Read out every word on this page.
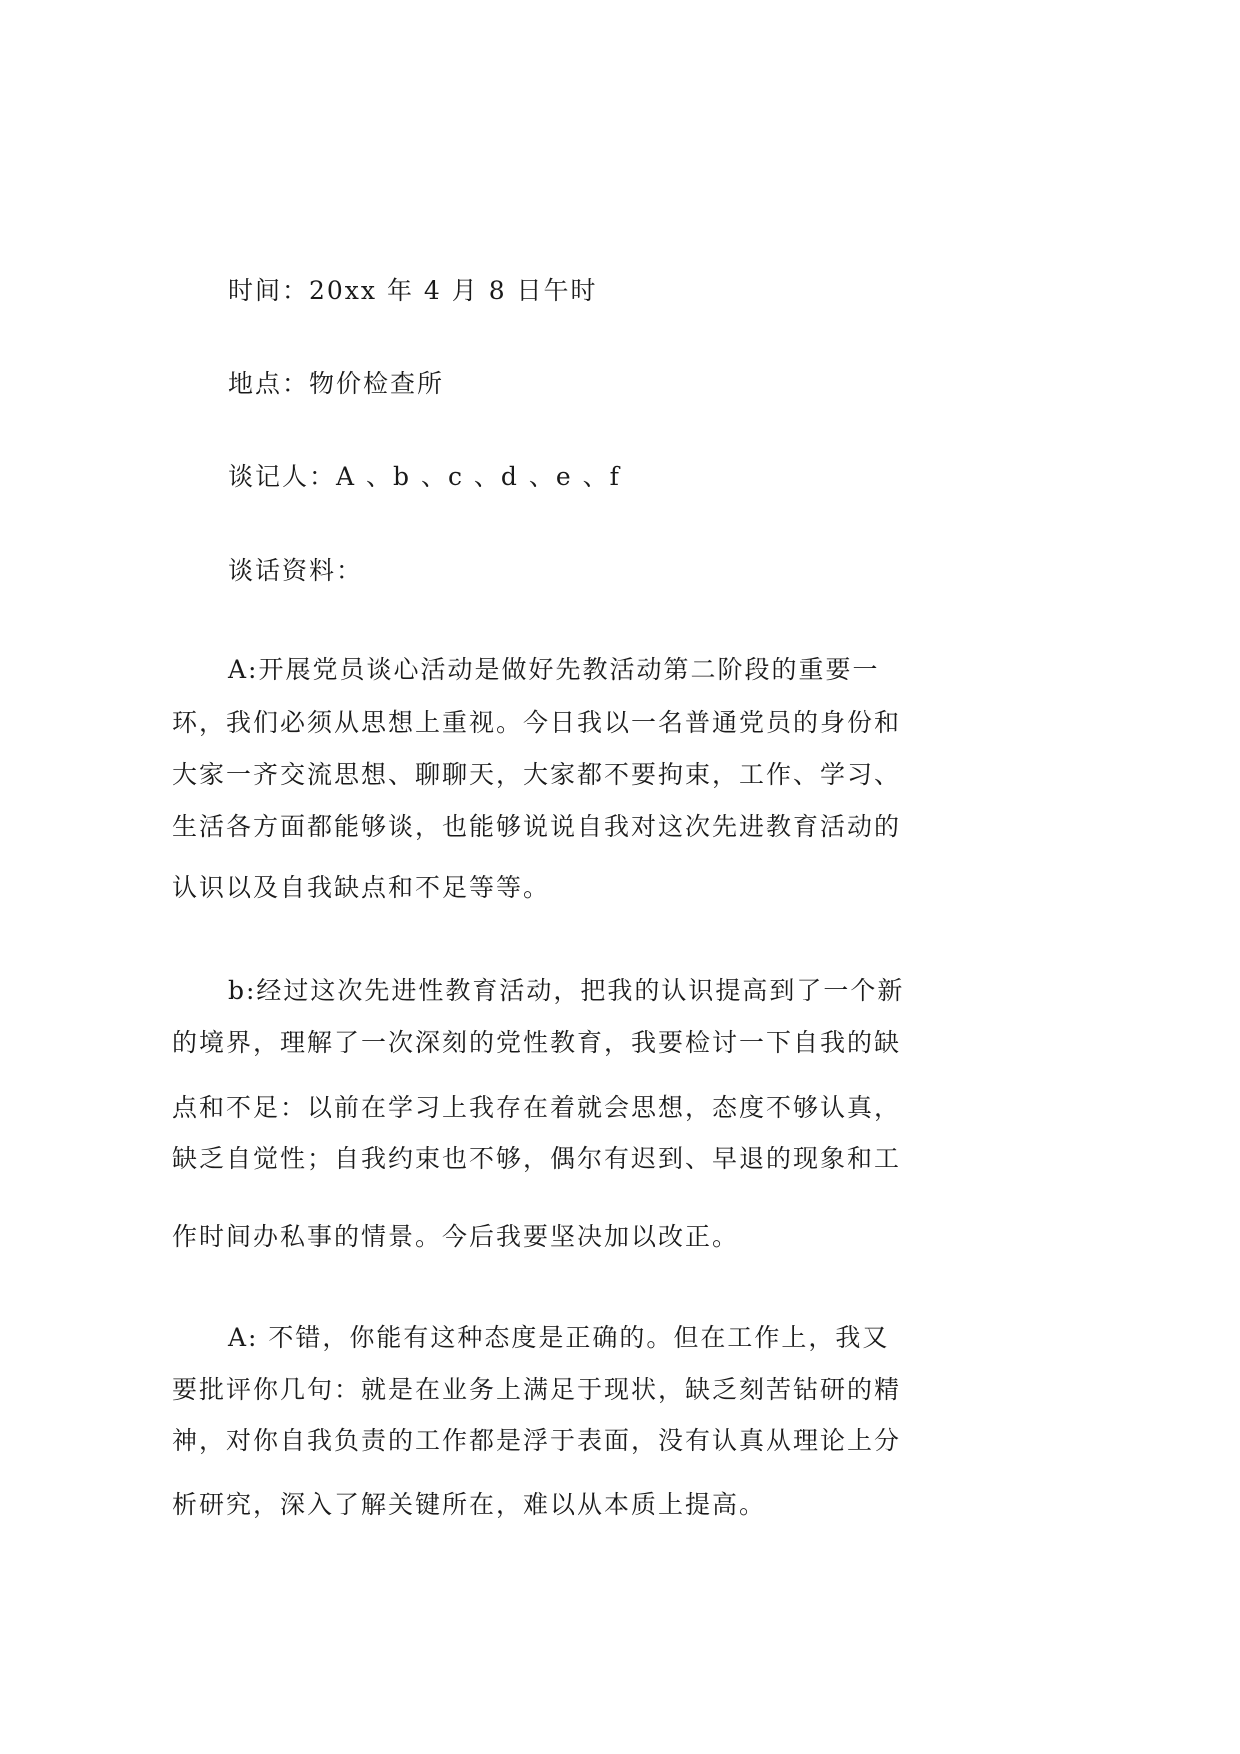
时间：20xx 年 4 月 8 日午时
地点：物价检查所
谈记人：A 、b 、c 、d 、e 、f
谈话资料：
A:开展党员谈心活动是做好先教活动第二阶段的重要一
环，我们必须从思想上重视。今日我以一名普通党员的身份和
大家一齐交流思想、聊聊天，大家都不要拘束，工作、学习、
生活各方面都能够谈，也能够说说自我对这次先进教育活动的
认识以及自我缺点和不足等等。
b:经过这次先进性教育活动，把我的认识提高到了一个新
的境界，理解了一次深刻的党性教育，我要检讨一下自我的缺
点和不足：以前在学习上我存在着就会思想，态度不够认真，
缺乏自觉性；自我约束也不够，偶尔有迟到、早退的现象和工
作时间办私事的情景。今后我要坚决加以改正。
A: 不错，你能有这种态度是正确的。但在工作上，我又
要批评你几句：就是在业务上满足于现状，缺乏刻苦钻研的精
神，对你自我负责的工作都是浮于表面，没有认真从理论上分
析研究，深入了解关键所在，难以从本质上提高。
